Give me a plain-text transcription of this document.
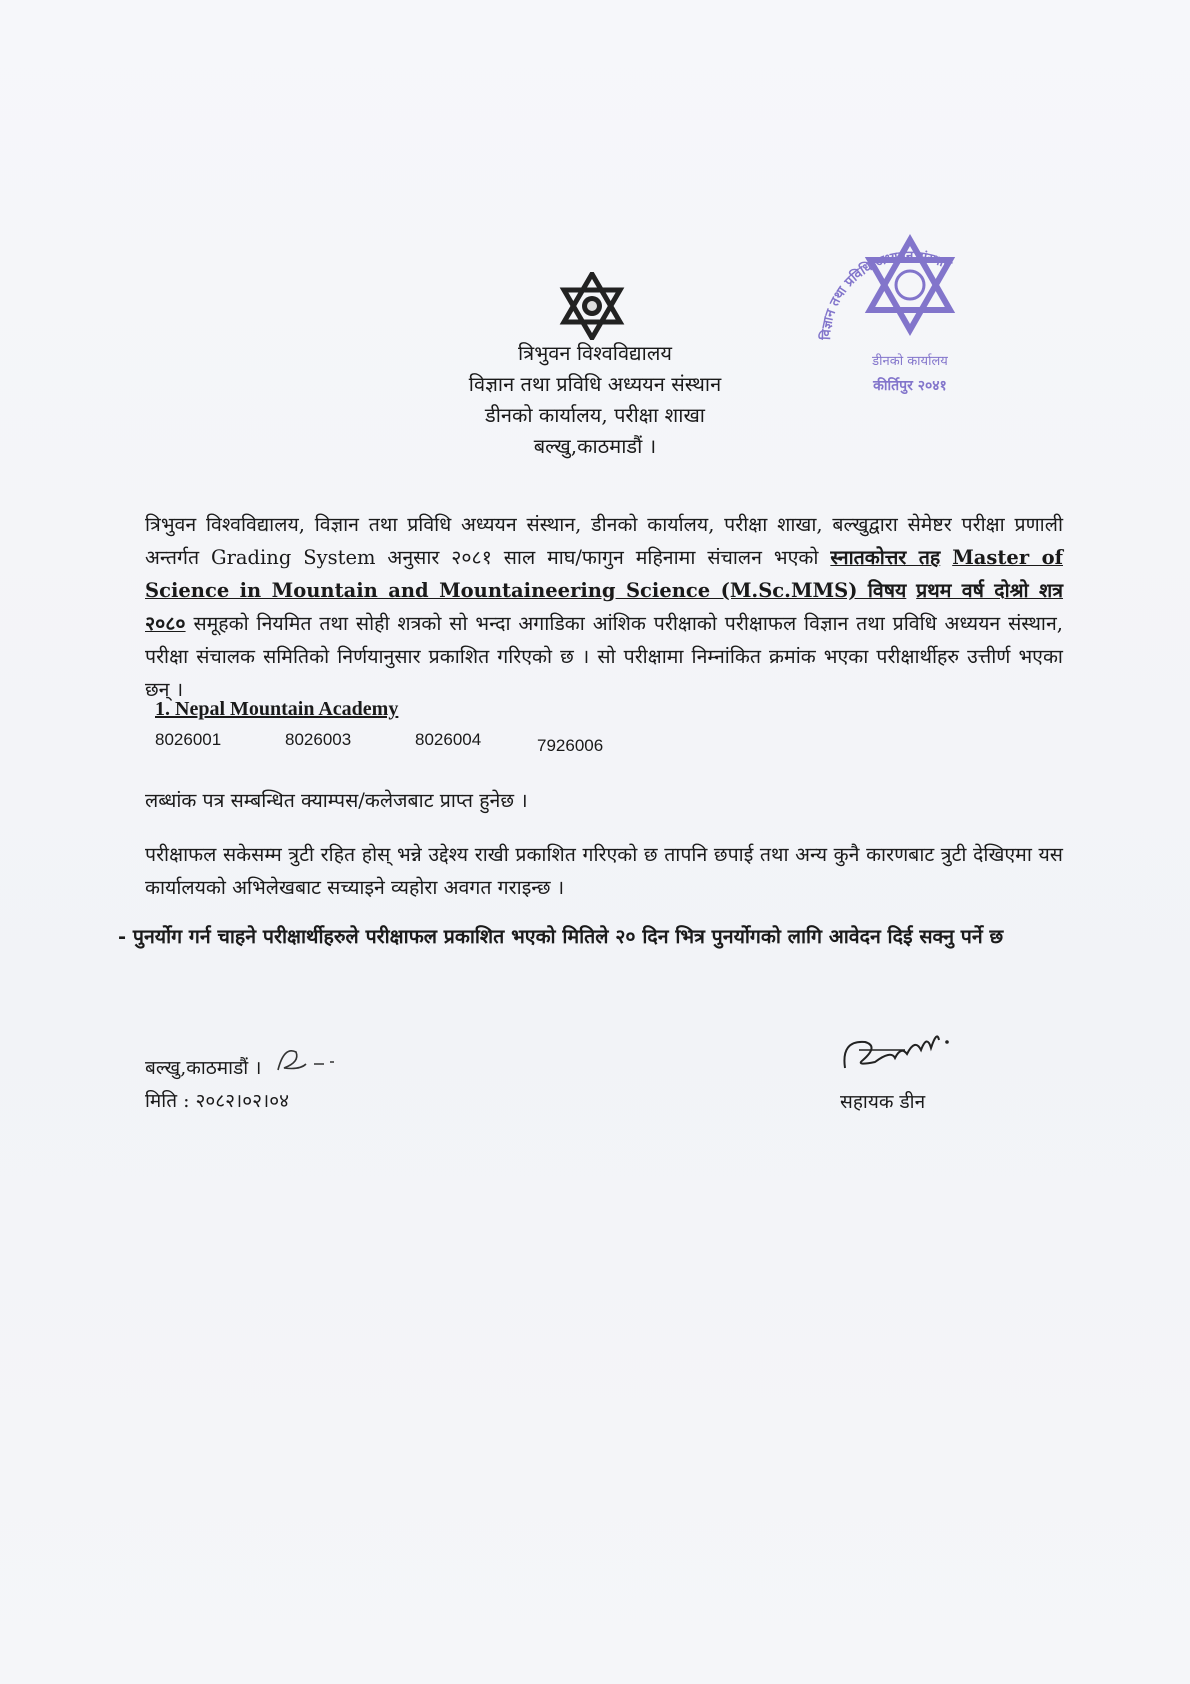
विज्ञान तथा प्रविधि अध्ययन संस्थान
डीनको कार्यालय
कीर्तिपुर २०४१
त्रिभुवन विश्वविद्यालय
विज्ञान तथा प्रविधि अध्ययन संस्थान
डीनको कार्यालय, परीक्षा शाखा
बल्खु,काठमाडौं ।
त्रिभुवन विश्वविद्यालय, विज्ञान तथा प्रविधि अध्ययन संस्थान, डीनको कार्यालय, परीक्षा शाखा, बल्खुद्वारा सेमेष्टर परीक्षा प्रणाली अन्तर्गत Grading System अनुसार २०८१ साल माघ/फागुन महिनामा संचालन भएको स्नातकोत्तर तह Master of Science in Mountain and Mountaineering Science (M.Sc.MMS) विषय प्रथम वर्ष दोश्रो शत्र २०८० समूहको नियमित तथा सोही शत्रको सो भन्दा अगाडिका आंशिक परीक्षाको परीक्षाफल विज्ञान तथा प्रविधि अध्ययन संस्थान, परीक्षा संचालक समितिको निर्णयानुसार प्रकाशित गरिएको छ । सो परीक्षामा निम्नांकित क्रमांक भएका परीक्षार्थीहरु उत्तीर्ण भएका छन् ।
1. Nepal Mountain Academy
8026001	8026003	8026004	7926006
लब्धांक पत्र सम्बन्धित क्याम्पस/कलेजबाट प्राप्त हुनेछ ।
परीक्षाफल सकेसम्म त्रुटी रहित होस् भन्ने उद्देश्य राखी प्रकाशित गरिएको छ तापनि छपाई तथा अन्य कुनै कारणबाट त्रुटी देखिएमा यस कार्यालयको अभिलेखबाट सच्याइने व्यहोरा अवगत गराइन्छ ।
- पुनर्योग गर्न चाहने परीक्षार्थीहरुले परीक्षाफल प्रकाशित भएको मितिले २० दिन भित्र पुनर्योगको लागि आवेदन दिई सक्नु पर्ने छ
बल्खु,काठमाडौं ।
मिति : २०८२।०२।०४	सहायक डीन
